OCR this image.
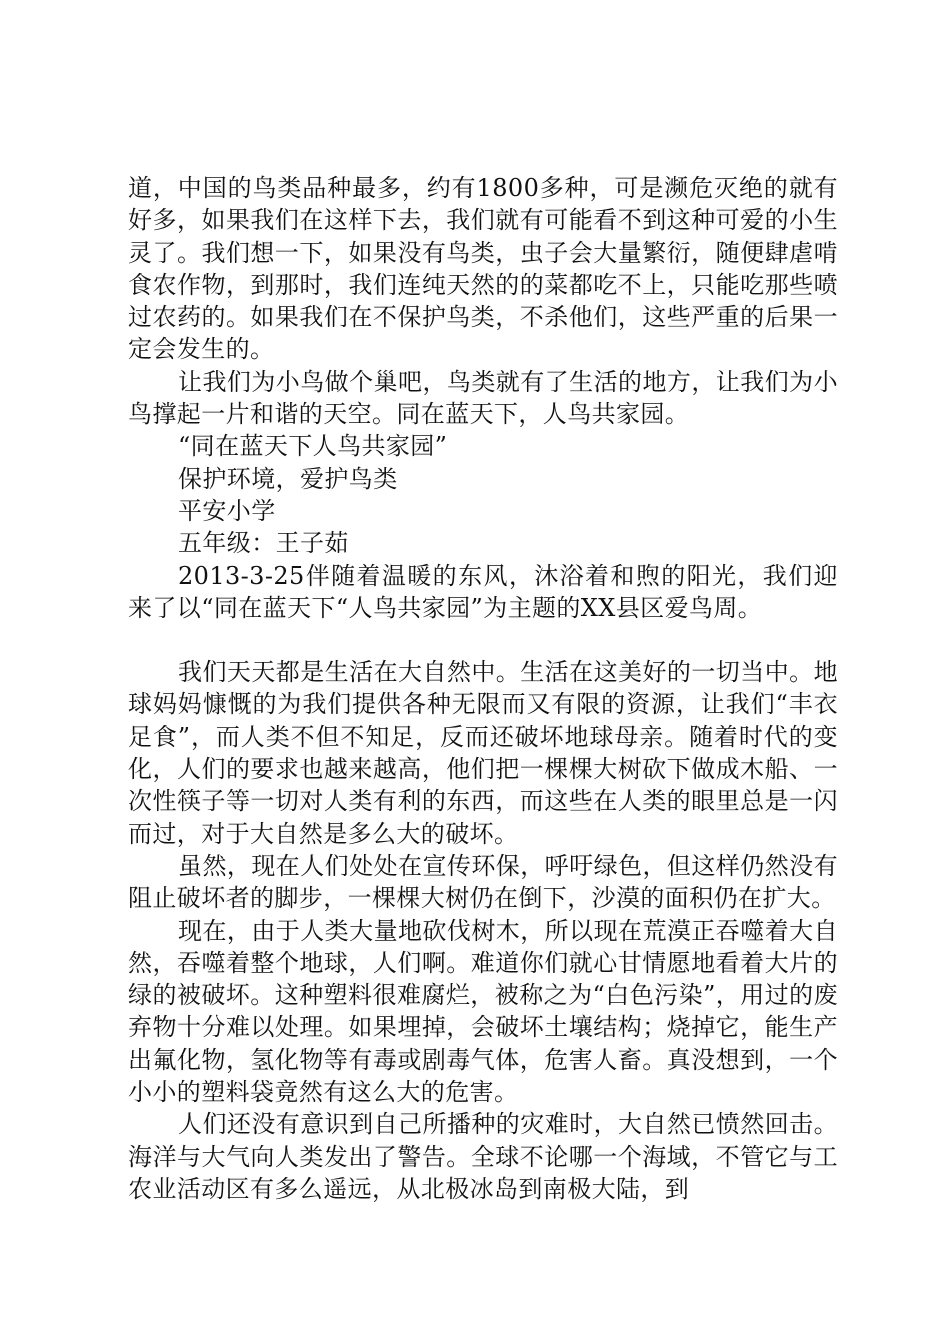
道，中国的鸟类品种最多，约有1800多种，可是濒危灭绝的就有好多，如果我们在这样下去，我们就有可能看不到这种可爱的小生灵了。我们想一下，如果没有鸟类，虫子会大量繁衍，随便肆虐啃食农作物，到那时，我们连纯天然的的菜都吃不上，只能吃那些喷过农药的。如果我们在不保护鸟类，不杀他们，这些严重的后果一定会发生的。

让我们为小鸟做个巢吧，鸟类就有了生活的地方，让我们为小鸟撑起一片和谐的天空。同在蓝天下，人鸟共家园。

“同在蓝天下人鸟共家园”

保护环境，爱护鸟类

平安小学

五年级：王子茹

2013-3-25伴随着温暖的东风，沐浴着和煦的阳光，我们迎来了以“同在蓝天下“人鸟共家园”为主题的XX县区爱鸟周。

我们天天都是生活在大自然中。生活在这美好的一切当中。地球妈妈慷慨的为我们提供各种无限而又有限的资源，让我们“丰衣足食”，而人类不但不知足，反而还破坏地球母亲。随着时代的变化，人们的要求也越来越高，他们把一棵棵大树砍下做成木船、一次性筷子等一切对人类有利的东西，而这些在人类的眼里总是一闪而过，对于大自然是多么大的破坏。

虽然，现在人们处处在宣传环保，呼吁绿色，但这样仍然没有阻止破坏者的脚步，一棵棵大树仍在倒下，沙漠的面积仍在扩大。

现在，由于人类大量地砍伐树木，所以现在荒漠正吞噬着大自然，吞噬着整个地球，人们啊。难道你们就心甘情愿地看着大片的绿的被破坏。这种塑料很难腐烂，被称之为“白色污染”，用过的废弃物十分难以处理。如果埋掉，会破坏土壤结构；烧掉它，能生产出氟化物，氢化物等有毒或剧毒气体，危害人畜。真没想到，一个小小的塑料袋竟然有这么大的危害。

人们还没有意识到自己所播种的灾难时，大自然已愤然回击。海洋与大气向人类发出了警告。全球不论哪一个海域，不管它与工农业活动区有多么遥远，从北极冰岛到南极大陆，到
